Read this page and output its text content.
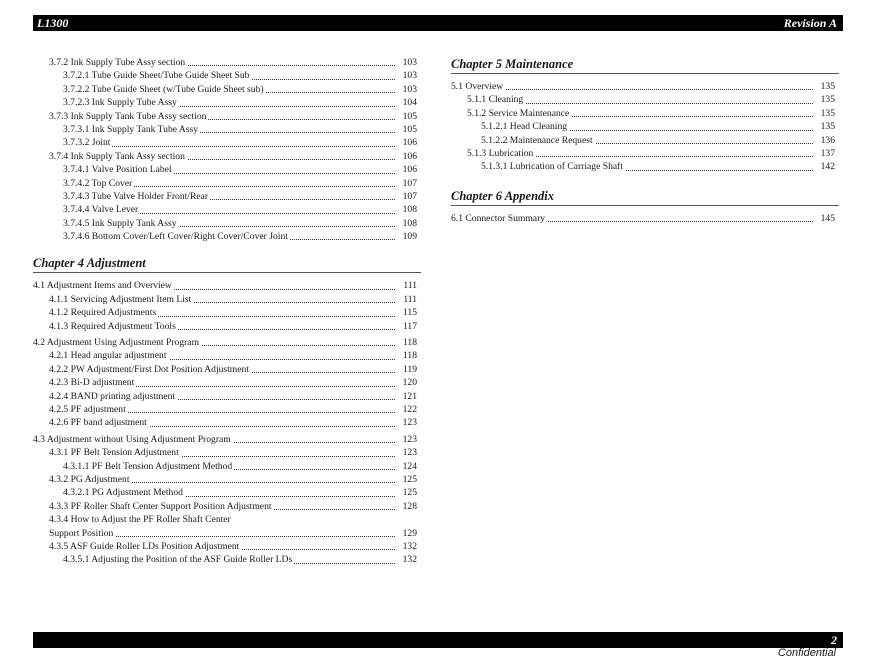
L1300	Revision A
3.7.2 Ink Supply Tube Assy section	103
3.7.2.1 Tube Guide Sheet/Tube Guide Sheet Sub	103
3.7.2.2 Tube Guide Sheet (w/Tube Guide Sheet sub)	103
3.7.2.3 Ink Supply Tube Assy	104
3.7.3 Ink Supply Tank Tube Assy section	105
3.7.3.1 Ink Supply Tank Tube Assy	105
3.7.3.2 Joint	106
3.7.4 Ink Supply Tank Assy section	106
3.7.4.1 Valve Position Label	106
3.7.4.2 Top Cover	107
3.7.4.3 Tube Valve Holder Front/Rear	107
3.7.4.4 Valve Lever	108
3.7.4.5 Ink Supply Tank Assy	108
3.7.4.6 Bottom Cover/Left Cover/Right Cover/Cover Joint	109
Chapter 4 Adjustment
4.1 Adjustment Items and Overview	111
4.1.1 Servicing Adjustment Item List	111
4.1.2 Required Adjustments	115
4.1.3 Required Adjustment Tools	117
4.2 Adjustment Using Adjustment Program	118
4.2.1 Head angular adjustment	118
4.2.2 PW Adjustment/First Dot Position Adjustment	119
4.2.3 Bi-D adjustment	120
4.2.4 BAND printing adjustment	121
4.2.5 PF adjustment	122
4.2.6 PF band adjustment	123
4.3 Adjustment without Using Adjustment Program	123
4.3.1 PF Belt Tension Adjustment	123
4.3.1.1 PF Belt Tension Adjustment Method	124
4.3.2 PG Adjustment	125
4.3.2.1 PG Adjustment Method	125
4.3.3 PF Roller Shaft Center Support Position Adjustment	128
4.3.4 How to Adjust the PF Roller Shaft Center
Support Position	129
4.3.5 ASF Guide Roller LDs Position Adjustment	132
4.3.5.1 Adjusting the Position of the ASF Guide Roller LDs	132
Chapter 5 Maintenance
5.1 Overview	135
5.1.1 Cleaning	135
5.1.2 Service Maintenance	135
5.1.2.1 Head Cleaning	135
5.1.2.2 Maintenance Request	136
5.1.3 Lubrication	137
5.1.3.1 Lubrication of Carriage Shaft	142
Chapter 6 Appendix
6.1 Connector Summary	145
2
Confidential
